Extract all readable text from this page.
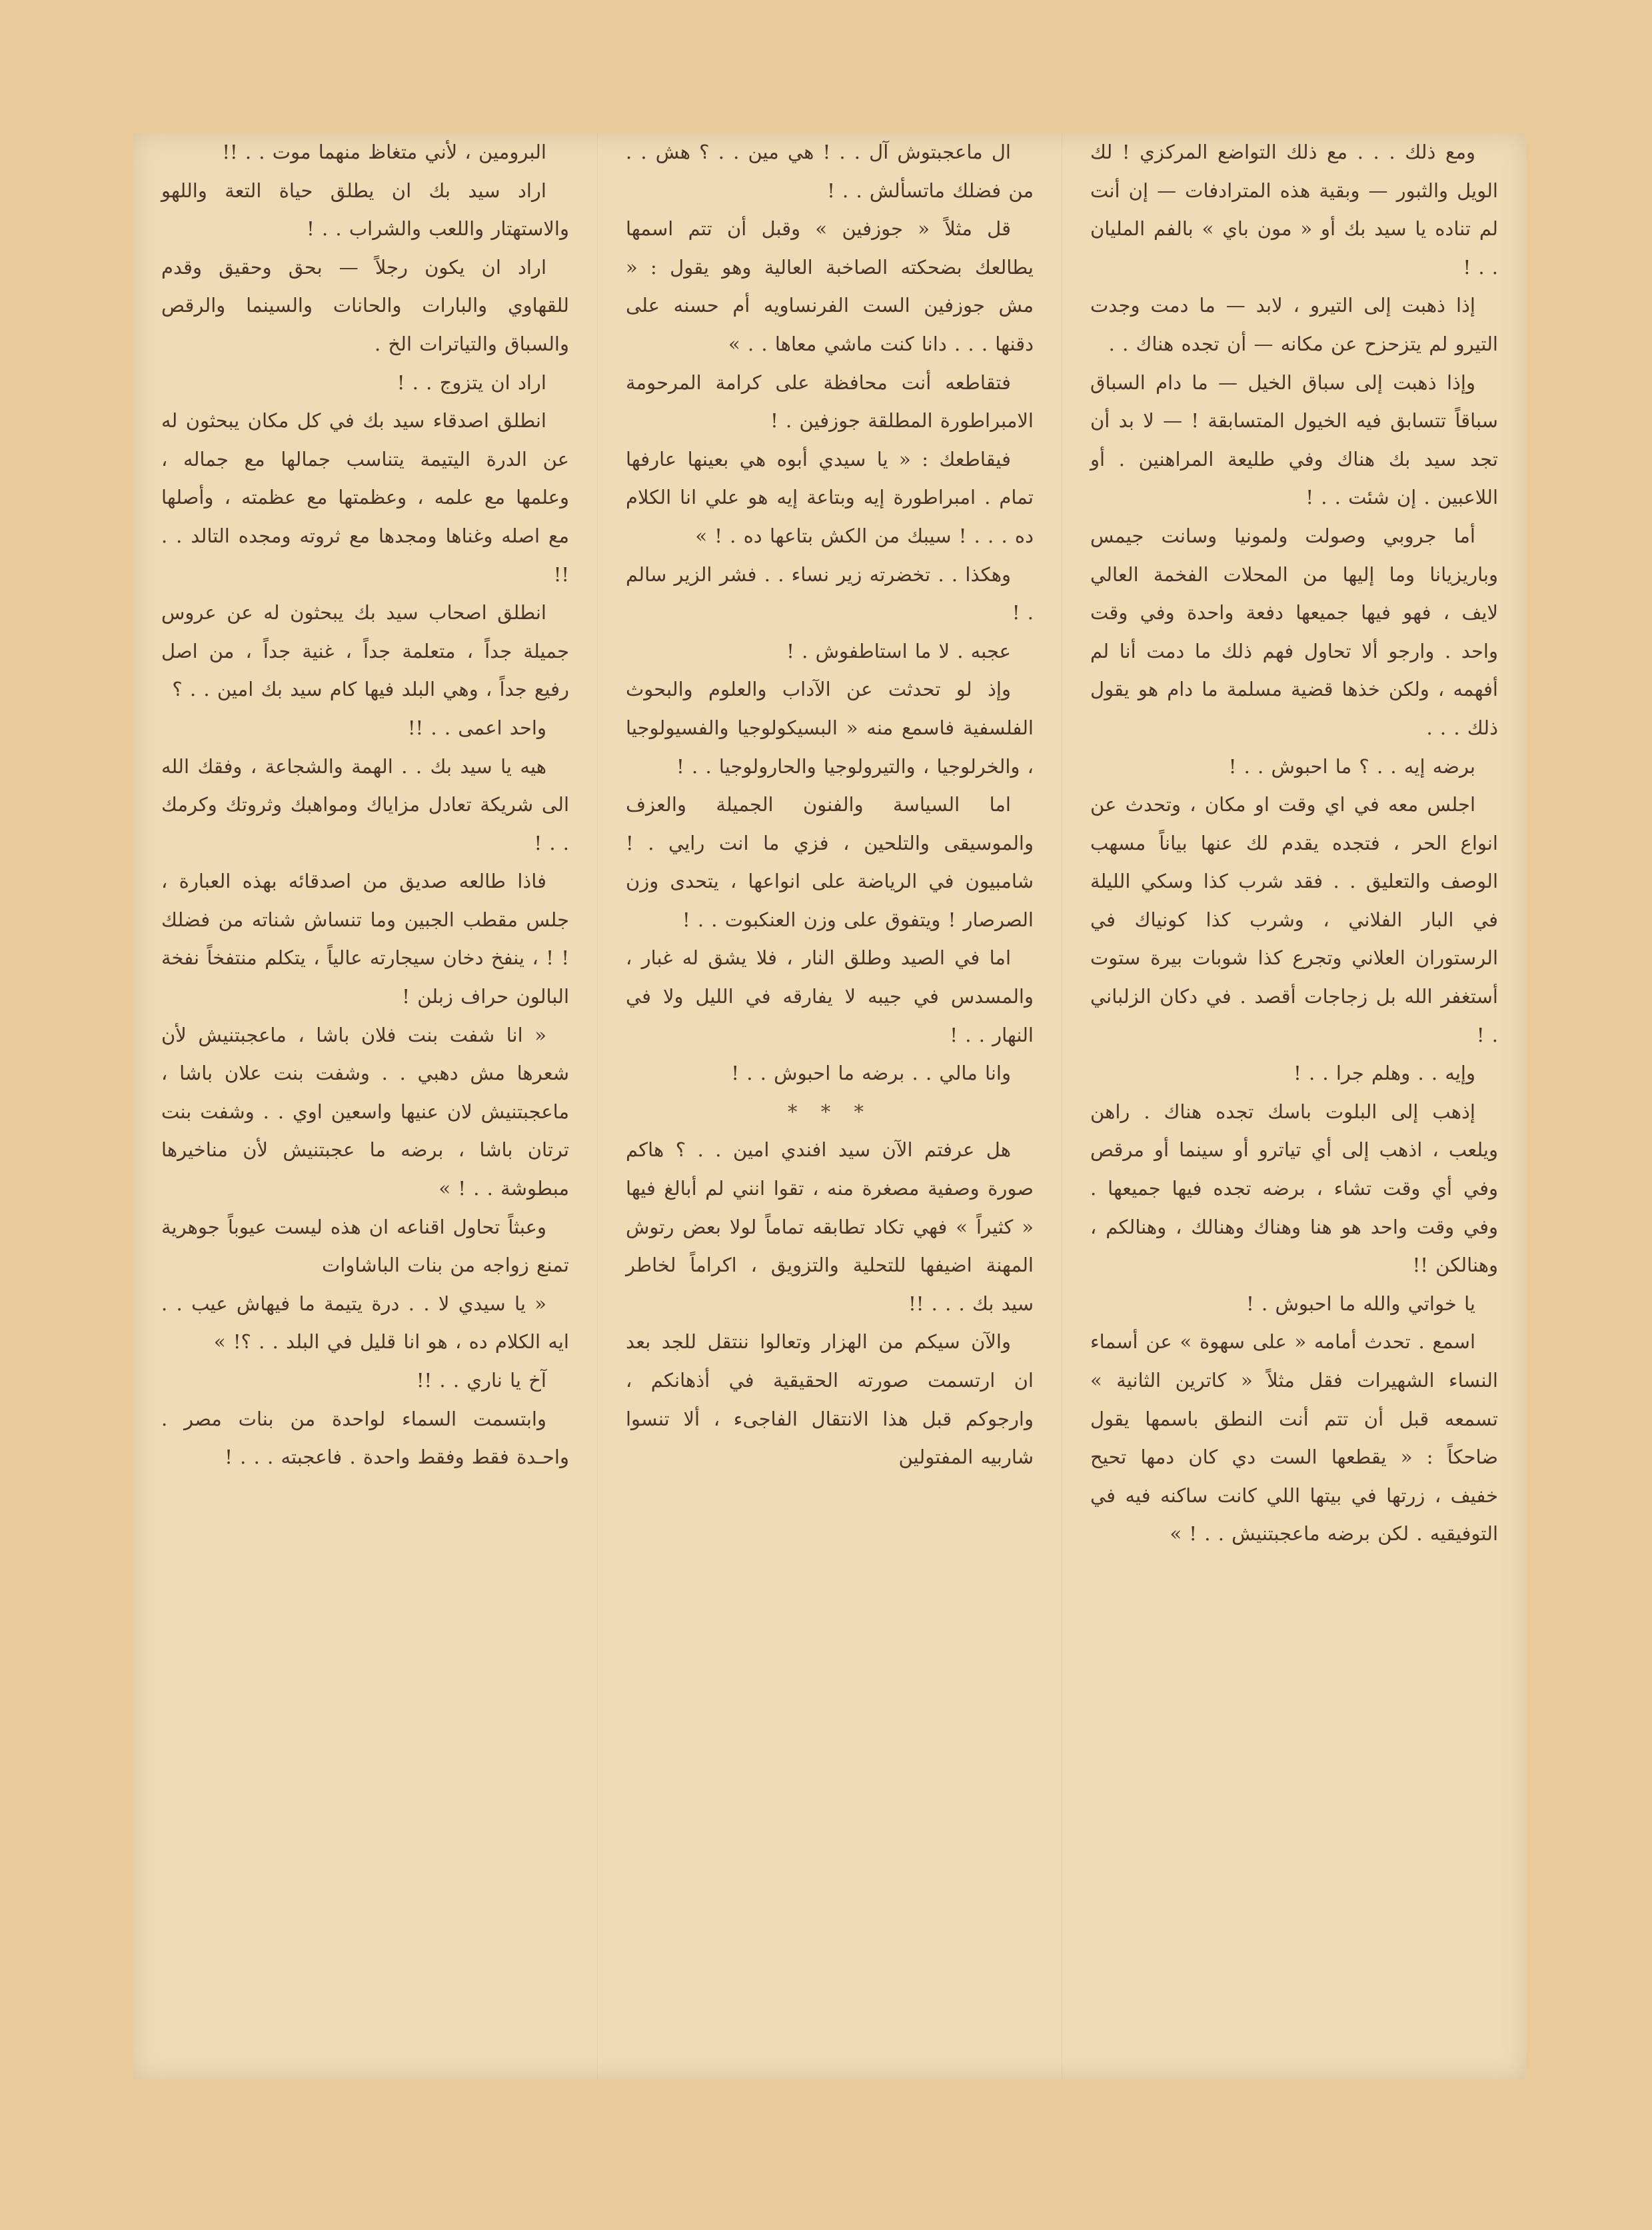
ومع ذلك . . . مع ذلك التواضع المركزي ! لك الويل والثبور — وبقية هذه المترادفات — إن أنت لم تناده يا سيد بك أو « مون باي » بالفم المليان . . !

إذا ذهبت إلى التيرو ، لابد — ما دمت وجدت التيرو لم يتزحزح عن مكانه — أن تجده هناك . .

وإذا ذهبت إلى سباق الخيل — ما دام السباق سباقاً تتسابق فيه الخيول المتسابقة ! — لا بد أن تجد سيد بك هناك وفي طليعة المراهنين . أو اللاعبين . إن شئت . . !

أما جروبي وصولت ولمونيا وسانت جيمس وباريزيانا وما إليها من المحلات الفخمة العالي لايف ، فهو فيها جميعها دفعة واحدة وفي وقت واحد . وارجو ألا تحاول فهم ذلك ما دمت أنا لم أفهمه ، ولكن خذها قضية مسلمة ما دام هو يقول ذلك . . .

برضه إيه . . ؟ ما احبوش . . !

اجلس معه في اي وقت او مكان ، وتحدث عن انواع الحر ، فتجده يقدم لك عنها بياناً مسهب الوصف والتعليق . . فقد شرب كذا وسكي الليلة في البار الفلاني ، وشرب كذا كونياك في الرستوران العلاني وتجرع كذا شوبات بيرة ستوت أستغفر الله بل زجاجات أقصد . في دكان الزلباني . !

وإيه . . وهلم جرا . . !

إذهب إلى البلوت باسك تجده هناك . راهن ويلعب ، اذهب إلى أي تياترو أو سينما أو مرقص وفي أي وقت تشاء ، برضه تجده فيها جميعها . وفي وقت واحد هو هنا وهناك وهنالك ، وهنالكم ، وهنالكن !!

يا خواتي والله ما احبوش . !

اسمع . تحدث أمامه « على سهوة » عن أسماء النساء الشهيرات فقل مثلاً « كاترين الثانية » تسمعه قبل أن تتم أنت النطق باسمها يقول ضاحكاً : « يقطعها الست دي كان دمها تحيح خفيف ، زرتها في بيتها اللي كانت ساكنه فيه في التوفيقيه . لكن برضه ماعجبتنيش . . ! »

ال ماعجبتوش آل . . ! هي مين . . ؟ هش . . من فضلك ماتسألش . . !

قل مثلاً « جوزفين » وقبل أن تتم اسمها يطالعك بضحكته الصاخبة العالية وهو يقول : « مش جوزفين الست الفرنساويه أم حسنه على دقنها . . . دانا كنت ماشي معاها . . »

فتقاطعه أنت محافظة على كرامة المرحومة الامبراطورة المطلقة جوزفين . !

فيقاطعك : « يا سيدي أبوه هي بعينها عارفها تمام . امبراطورة إيه وبتاعة إيه هو علي انا الكلام ده . . . ! سيبك من الكش بتاعها ده . ! »

وهكذا . . تخضرته زير نساء . . فشر الزير سالم . !

عجبه . لا ما استاطفوش . !

وإذ لو تحدثت عن الآداب والعلوم والبحوث الفلسفية فاسمع منه « البسيكولوجيا والفسيولوجيا ، والخرلوجيا ، والتيرولوجيا والحارولوجيا . . !

اما السياسة والفنون الجميلة والعزف والموسيقى والتلحين ، فزي ما انت رايي . ! شامبيون في الرياضة على انواعها ، يتحدى وزن الصرصار ! ويتفوق على وزن العنكبوت . . !

اما في الصيد وطلق النار ، فلا يشق له غبار ، والمسدس في جيبه لا يفارقه في الليل ولا في النهار . . !

وانا مالي . . برضه ما احبوش . . !

* * *

هل عرفتم الآن سيد افندي امين . . ؟ هاكم صورة وصفية مصغرة منه ، تقوا انني لم أبالغ فيها « كثيراً » فهي تكاد تطابقه تماماً لولا بعض رتوش المهنة اضيفها للتحلية والتزويق ، اكراماً لخاطر سيد بك . . . !!

والآن سيكم من الهزار وتعالوا ننتقل للجد بعد ان ارتسمت صورته الحقيقية في أذهانكم ، وارجوكم قبل هذا الانتقال الفاجىء ، ألا تنسوا شاربيه المفتولين

البرومين ، لأني متغاظ منهما موت . . !!

اراد سيد بك ان يطلق حياة التعة واللهو والاستهتار واللعب والشراب . . !

اراد ان يكون رجلاً — بحق وحقيق وقدم للقهاوي والبارات والحانات والسينما والرقص والسباق والتياترات الخ .

اراد ان يتزوج . . !

انطلق اصدقاء سيد بك في كل مكان يبحثون له عن الدرة اليتيمة يتناسب جمالها مع جماله ، وعلمها مع علمه ، وعظمتها مع عظمته ، وأصلها مع اصله وغناها ومجدها مع ثروته ومجده التالد . . !!

انطلق اصحاب سيد بك يبحثون له عن عروس جميلة جداً ، متعلمة جداً ، غنية جداً ، من اصل رفيع جداً ، وهي البلد فيها كام سيد بك امين . . ؟

واحد اعمى . . !!

هيه يا سيد بك . . الهمة والشجاعة ، وفقك الله الى شريكة تعادل مزاياك ومواهبك وثروتك وكرمك . . !

فاذا طالعه صديق من اصدقائه بهذه العبارة ، جلس مقطب الجبين وما تنساش شناته من فضلك ! ! ، ينفخ دخان سيجارته عالياً ، يتكلم منتفخاً نفخة البالون حراف زبلن !

« انا شفت بنت فلان باشا ، ماعجبتنيش لأن شعرها مش دهبي . . وشفت بنت علان باشا ، ماعجبتنيش لان عنيها واسعين اوي . . وشفت بنت ترتان باشا ، برضه ما عجبتنيش لأن مناخيرها مبطوشة . . ! »

وعبثاً تحاول اقناعه ان هذه ليست عيوباً جوهرية تمنع زواجه من بنات الباشاوات

« يا سيدي لا . . درة يتيمة ما فيهاش عيب . . ايه الكلام ده ، هو انا قليل في البلد . . ؟! »

آخ يا ناري . . !!

وابتسمت السماء لواحدة من بنات مصر . واحـدة فقط وفقط واحدة . فاعجبته . . . !
